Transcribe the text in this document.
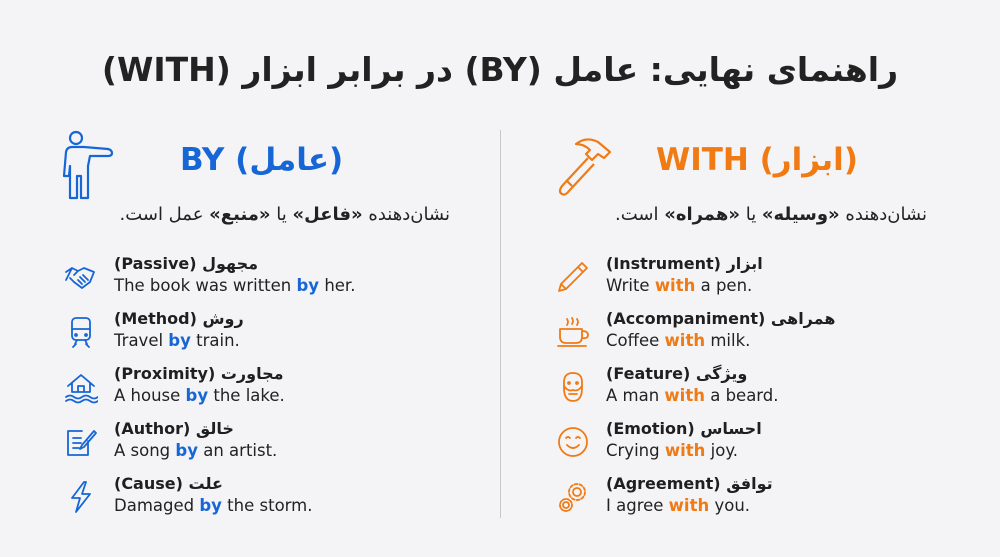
راهنمای نهایی: عامل (BY) در برابر ابزار (WITH)
BY (عامل)
نشان‌دهنده «فاعل» یا «منبع» عمل است.
(Passive) مجهول
The book was written by her.
(Method) روش
Travel by train.
(Proximity) مجاورت
A house by the lake.
(Author) خالق
A song by an artist.
(Cause) علت
Damaged by the storm.
WITH (ابزار)
نشان‌دهنده «وسیله» یا «همراه» است.
(Instrument) ابزار
Write with a pen.
(Accompaniment) همراهی
Coffee with milk.
(Feature) ویژگی
A man with a beard.
(Emotion) احساس
Crying with joy.
(Agreement) توافق
I agree with you.
